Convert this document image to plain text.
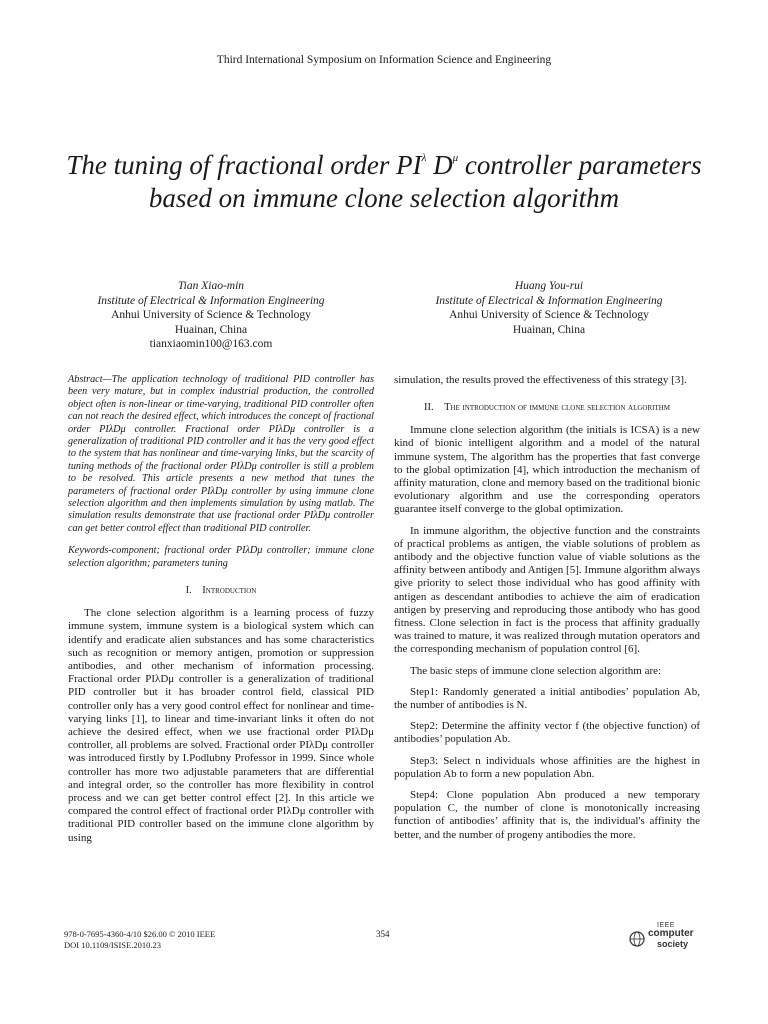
Third International Symposium on Information Science and Engineering
The tuning of fractional order $PI^\lambda$ $D^\mu$ controller parameters based on immune clone selection algorithm
Tian Xiao-min
Institute of Electrical & Information Engineering
Anhui University of Science & Technology
Huainan, China
tianxiaomin100@163.com
Huang You-rui
Institute of Electrical & Information Engineering
Anhui University of Science & Technology
Huainan, China

Abstract—The application technology of traditional PID controller has been very mature, but in complex industrial production, the controlled object often is non-linear or time-varying, traditional PID controller often can not reach the desired effect, which introduces the concept of fractional order PIλDμ controller. Fractional order PIλDμ controller is a generalization of traditional PID controller and it has the very good effect to the system that has nonlinear and time-varying links, but the scarcity of tuning methods of the fractional order PIλDμ controller is still a problem to be resolved. This article presents a new method that tunes the parameters of fractional order PIλDμ controller by using immune clone selection algorithm and then implements simulation by using matlab. The simulation results demonstrate that use fractional order PIλDμ controller can get better control effect than traditional PID controller.

Keywords-component; fractional order PIλDμ controller; immune clone selection algorithm; parameters tuning

I. Introduction

The clone selection algorithm is a learning process of fuzzy immune system, immune system is a biological system which can identify and eradicate alien substances and has some characteristics such as recognition or memory antigen, promotion or suppression antibodies, and other mechanism of information processing. Fractional order PIλDμ controller is a generalization of traditional PID controller but it has broader control field, classical PID controller only has a very good control effect for nonlinear and time-varying links [1], to linear and time-invariant links it often do not achieve the desired effect, when we use fractional order PIλDμ controller, all problems are solved. Fractional order PIλDμ controller was introduced firstly by I.Podlubny Professor in 1999. Since whole controller has more two adjustable parameters that are differential and integral order, so the controller has more flexibility in control process and we can get better control effect [2]. In this article we compared the control effect of fractional order PIλDμ controller with traditional PID controller based on the immune clone algorithm by using

simulation, the results proved the effectiveness of this strategy [3].

II. The introduction of immune clone selection algorithm

Immune clone selection algorithm (the initials is ICSA) is a new kind of bionic intelligent algorithm and a model of the natural immune system, The algorithm has the properties that fast converge to the global optimization [4], which introduction the mechanism of affinity maturation, clone and memory based on the traditional bionic evolutionary algorithm and use the corresponding operators guarantee itself converge to the global optimization.

In immune algorithm, the objective function and the constraints of practical problems as antigen, the viable solutions of problem as antibody and the objective function value of viable solutions as the affinity between antibody and Antigen [5]. Immune algorithm always give priority to select those individual who has good affinity with antigen as descendant antibodies to achieve the aim of eradication antigen by preserving and reproducing those antibody who has good fitness. Clone selection in fact is the process that affinity gradually was trained to mature, it was realized through mutation operators and the corresponding mechanism of population control [6].

The basic steps of immune clone selection algorithm are:

Step1: Randomly generated a initial antibodies’ population Ab, the number of antibodies is N.

Step2: Determine the affinity vector f (the objective function) of antibodies’ population Ab.

Step3: Select n individuals whose affinities are the highest in population Ab to form a new population Abn.

Step4: Clone population Abn produced a new temporary population C, the number of clone is monotonically increasing function of antibodies’ affinity that is, the individual's affinity the better, and the number of progeny antibodies the more.

978-0-7695-4360-4/10 $26.00 © 2010 IEEE
DOI 10.1109/ISISE.2010.23
354
IEEE
computer
society
